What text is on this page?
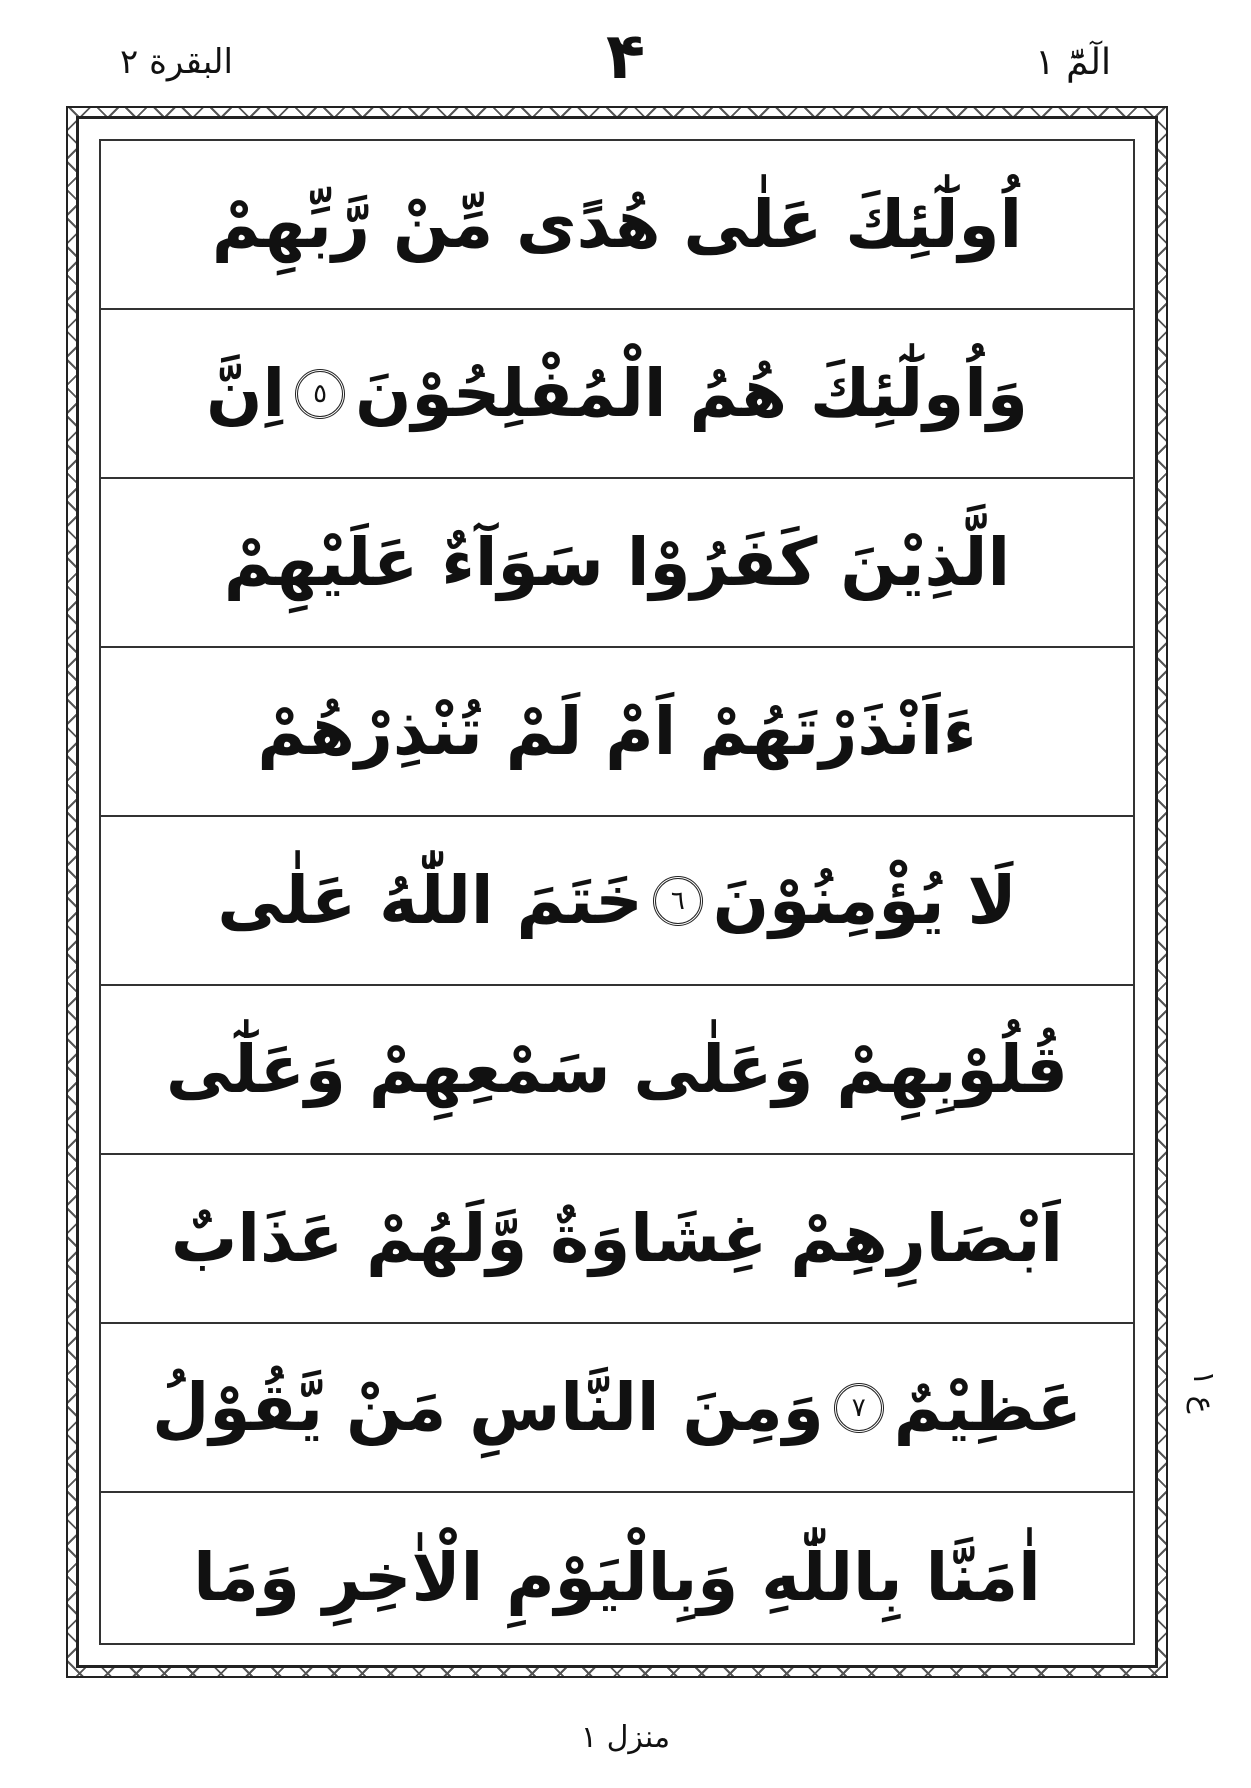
الٓمّٓ ١
۴
البقرة ٢
اُولٰٓئِكَ عَلٰى هُدًى مِّنْ رَّبِّهِمْ
وَاُولٰٓئِكَ هُمُ الْمُفْلِحُوْنَ
٥
اِنَّ
الَّذِيْنَ كَفَرُوْا سَوَآءٌ عَلَيْهِمْ
ءَاَنْذَرْتَهُمْ اَمْ لَمْ تُنْذِرْهُمْ
لَا يُؤْمِنُوْنَ
٦
خَتَمَ اللّٰهُ عَلٰى
قُلُوْبِهِمْ وَعَلٰى سَمْعِهِمْ وَعَلٰٓى
اَبْصَارِهِمْ غِشَاوَةٌ وَّلَهُمْ عَذَابٌ
عَظِيْمٌ
٧
وَمِنَ النَّاسِ مَنْ يَّقُوْلُ
اٰمَنَّا بِاللّٰهِ وَبِالْيَوْمِ الْاٰخِرِ وَمَا
ع ١
منزل ١
